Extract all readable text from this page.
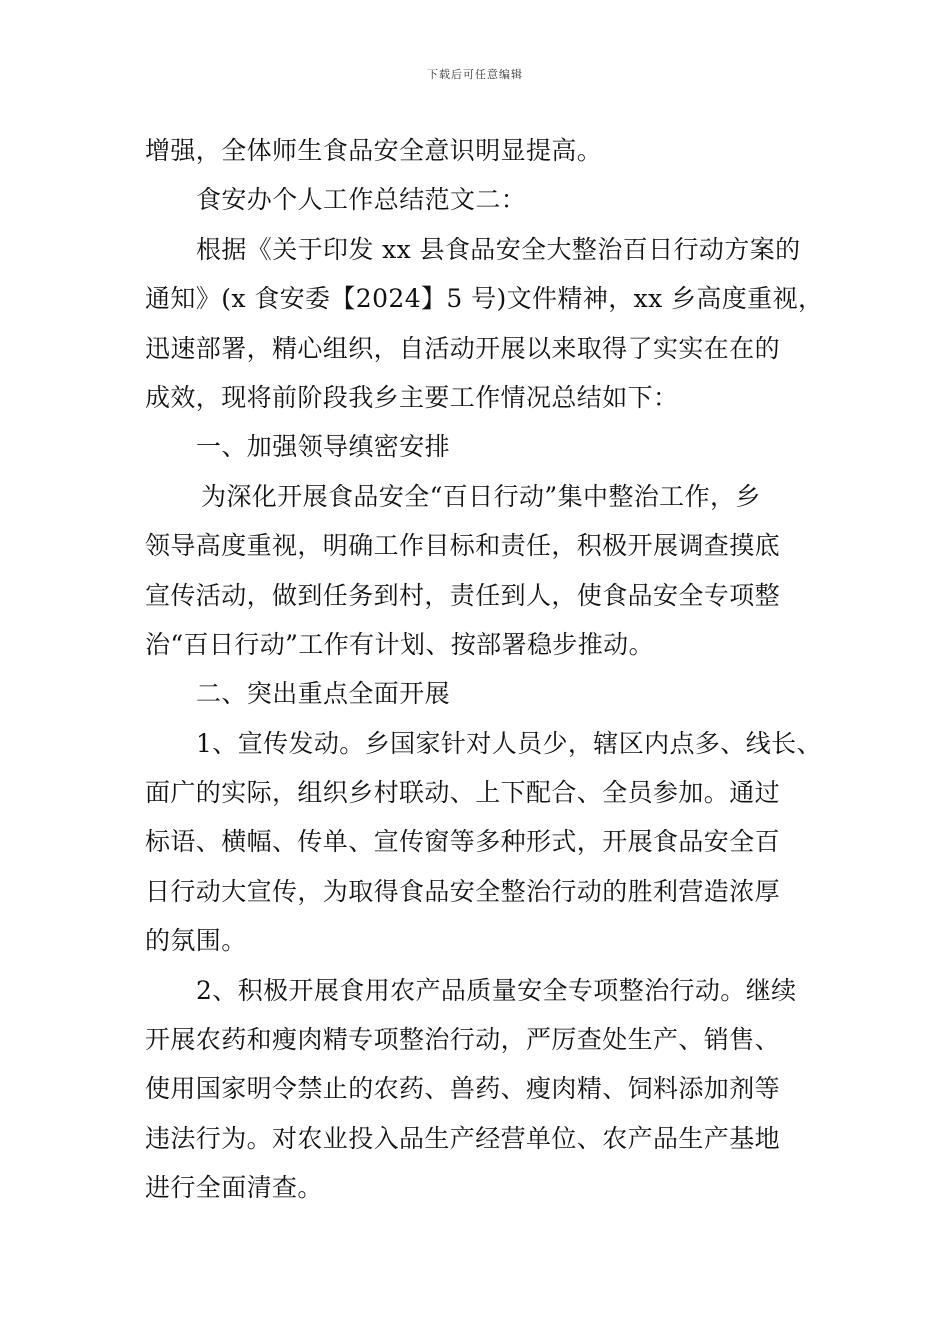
下载后可任意编辑
增强，全体师生食品安全意识明显提高。
食安办个人工作总结范文二：
根据《关于印发 xx 县食品安全大整治百日行动方案的
通知》(x 食安委【2024】5 号)文件精神，xx 乡高度重视，
迅速部署，精心组织，自活动开展以来取得了实实在在的
成效，现将前阶段我乡主要工作情况总结如下：
一、加强领导缜密安排
为深化开展食品安全“百日行动”集中整治工作，乡
领导高度重视，明确工作目标和责任，积极开展调查摸底
宣传活动，做到任务到村，责任到人，使食品安全专项整
治“百日行动”工作有计划、按部署稳步推动。
二、突出重点全面开展
1、宣传发动。乡国家针对人员少，辖区内点多、线长、
面广的实际，组织乡村联动、上下配合、全员参加。通过
标语、横幅、传单、宣传窗等多种形式，开展食品安全百
日行动大宣传，为取得食品安全整治行动的胜利营造浓厚
的氛围。
2、积极开展食用农产品质量安全专项整治行动。继续
开展农药和瘦肉精专项整治行动，严厉查处生产、销售、
使用国家明令禁止的农药、兽药、瘦肉精、饲料添加剂等
违法行为。对农业投入品生产经营单位、农产品生产基地
进行全面清查。
